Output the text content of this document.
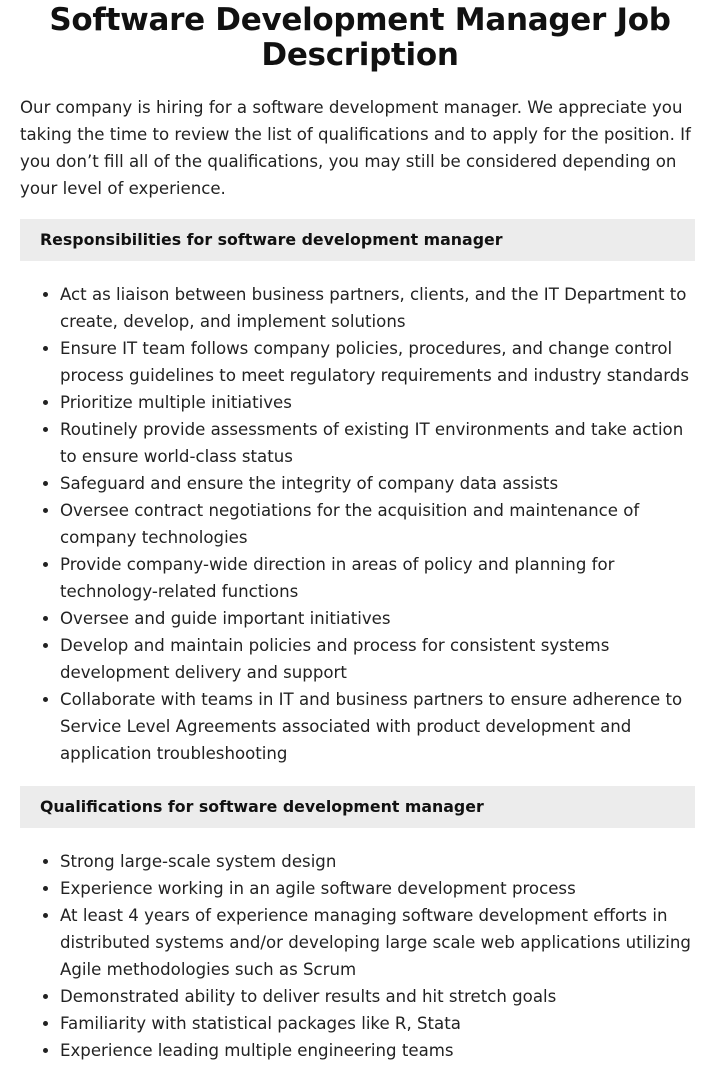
Software Development Manager Job Description

Our company is hiring for a software development manager. We appreciate you taking the time to review the list of qualifications and to apply for the position. If you don’t fill all of the qualifications, you may still be considered depending on your level of experience.

Responsibilities for software development manager
• Act as liaison between business partners, clients, and the IT Department to create, develop, and implement solutions
• Ensure IT team follows company policies, procedures, and change control process guidelines to meet regulatory requirements and industry standards
• Prioritize multiple initiatives
• Routinely provide assessments of existing IT environments and take action to ensure world-class status
• Safeguard and ensure the integrity of company data assists
• Oversee contract negotiations for the acquisition and maintenance of company technologies
• Provide company-wide direction in areas of policy and planning for technology-related functions
• Oversee and guide important initiatives
• Develop and maintain policies and process for consistent systems development delivery and support
• Collaborate with teams in IT and business partners to ensure adherence to Service Level Agreements associated with product development and application troubleshooting
Qualifications for software development manager
• Strong large-scale system design
• Experience working in an agile software development process
• At least 4 years of experience managing software development efforts in distributed systems and/or developing large scale web applications utilizing Agile methodologies such as Scrum
• Demonstrated ability to deliver results and hit stretch goals
• Familiarity with statistical packages like R, Stata
• Experience leading multiple engineering teams
